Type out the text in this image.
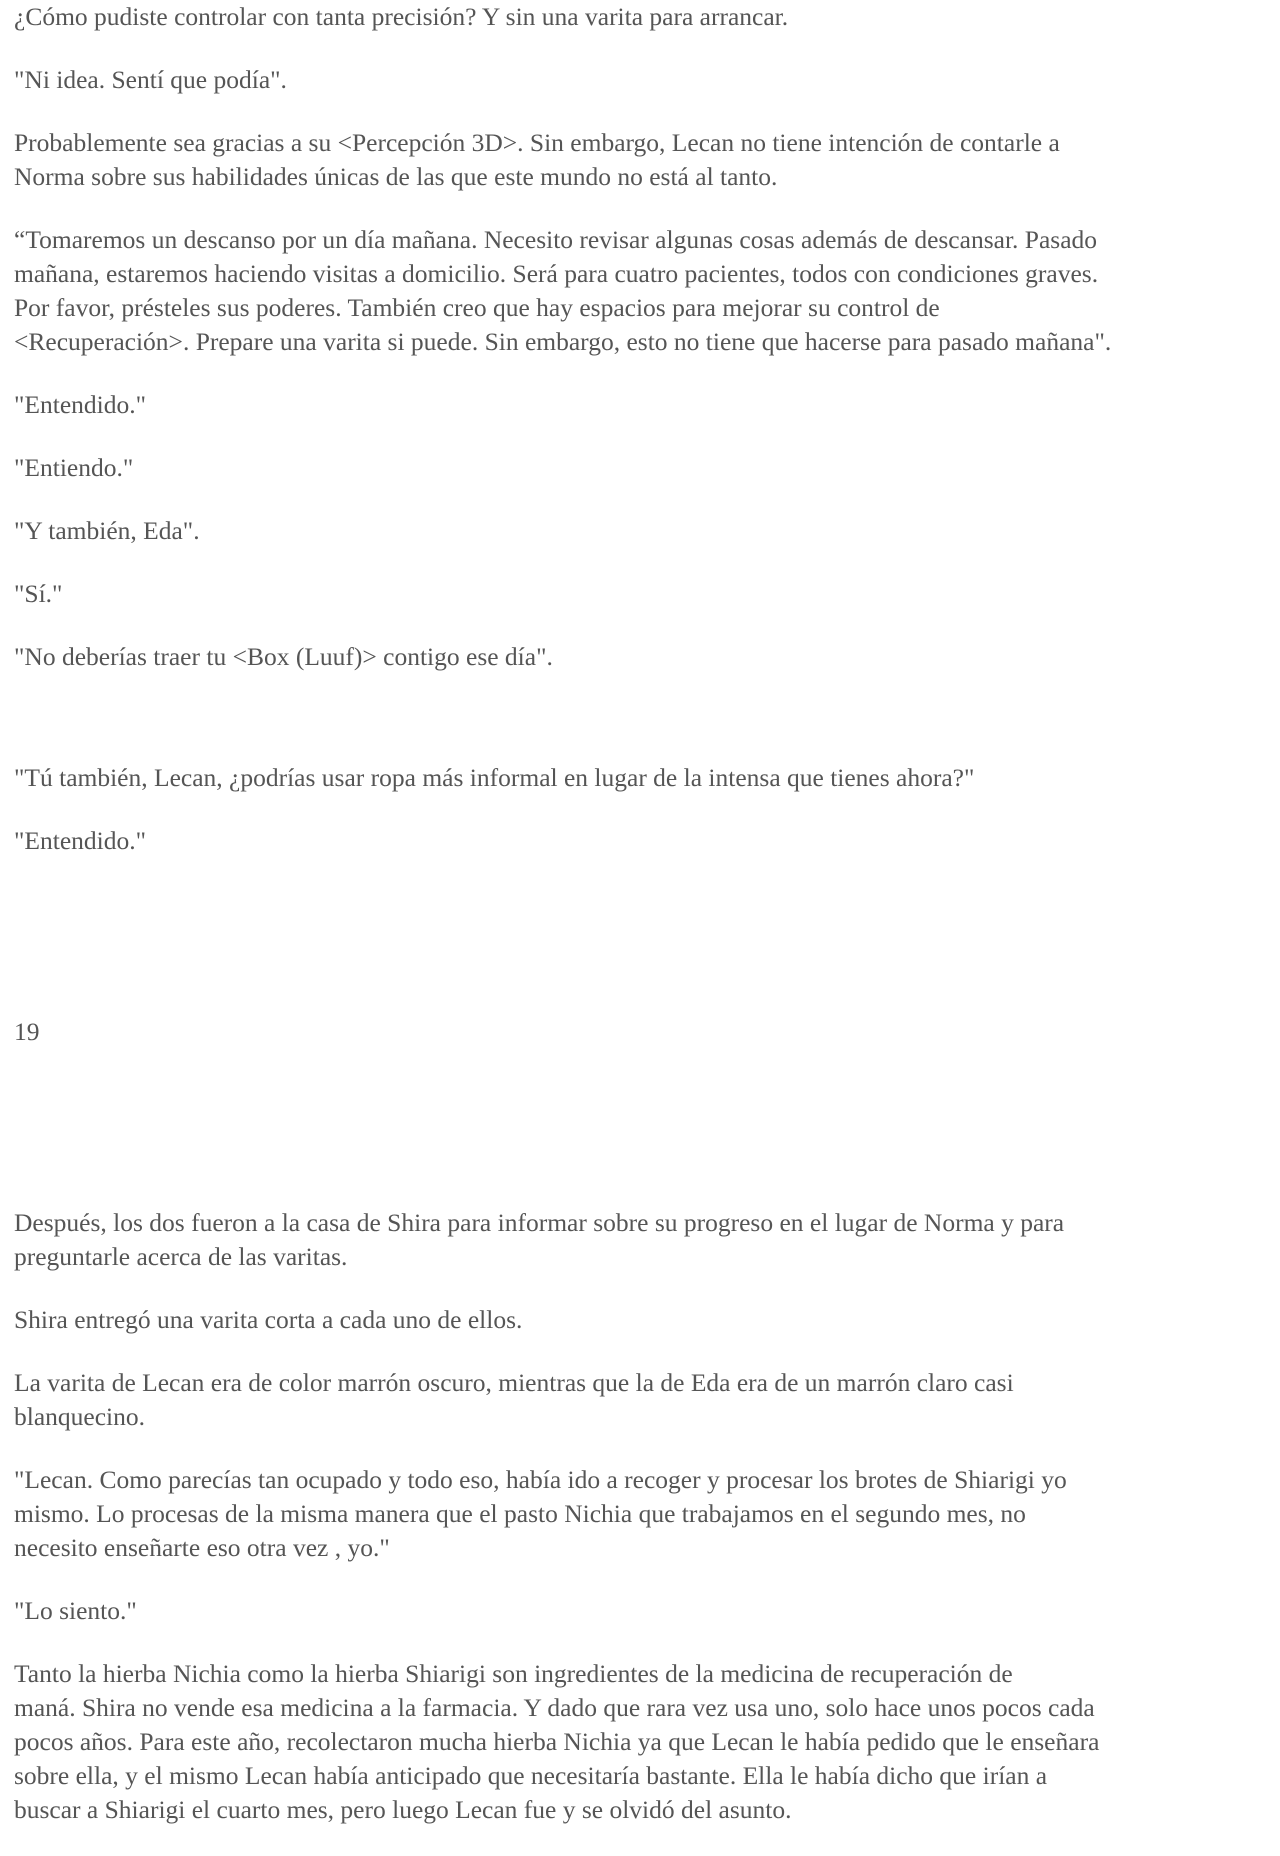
¿Cómo pudiste controlar con tanta precisión? Y sin una varita para arrancar.

"Ni idea. Sentí que podía".

Probablemente sea gracias a su <Percepción 3D>. Sin embargo, Lecan no tiene intención de contarle a
Norma sobre sus habilidades únicas de las que este mundo no está al tanto.

“Tomaremos un descanso por un día mañana. Necesito revisar algunas cosas además de descansar. Pasado
mañana, estaremos haciendo visitas a domicilio. Será para cuatro pacientes, todos con condiciones graves.
Por favor, présteles sus poderes. También creo que hay espacios para mejorar su control de
<Recuperación>. Prepare una varita si puede. Sin embargo, esto no tiene que hacerse para pasado mañana".

"Entendido."

"Entiendo."

"Y también, Eda".

"Sí."

"No deberías traer tu <Box (Luuf)> contigo ese día".

"Tú también, Lecan, ¿podrías usar ropa más informal en lugar de la intensa que tienes ahora?"

"Entendido."

19

Después, los dos fueron a la casa de Shira para informar sobre su progreso en el lugar de Norma y para
preguntarle acerca de las varitas.

Shira entregó una varita corta a cada uno de ellos.

La varita de Lecan era de color marrón oscuro, mientras que la de Eda era de un marrón claro casi
blanquecino.

"Lecan. Como parecías tan ocupado y todo eso, había ido a recoger y procesar los brotes de Shiarigi yo
mismo. Lo procesas de la misma manera que el pasto Nichia que trabajamos en el segundo mes, no
necesito enseñarte eso otra vez , yo."

"Lo siento."

Tanto la hierba Nichia como la hierba Shiarigi son ingredientes de la medicina de recuperación de
maná. Shira no vende esa medicina a la farmacia. Y dado que rara vez usa uno, solo hace unos pocos cada
pocos años. Para este año, recolectaron mucha hierba Nichia ya que Lecan le había pedido que le enseñara
sobre ella, y el mismo Lecan había anticipado que necesitaría bastante. Ella le había dicho que irían a
buscar a Shiarigi el cuarto mes, pero luego Lecan fue y se olvidó del asunto.
